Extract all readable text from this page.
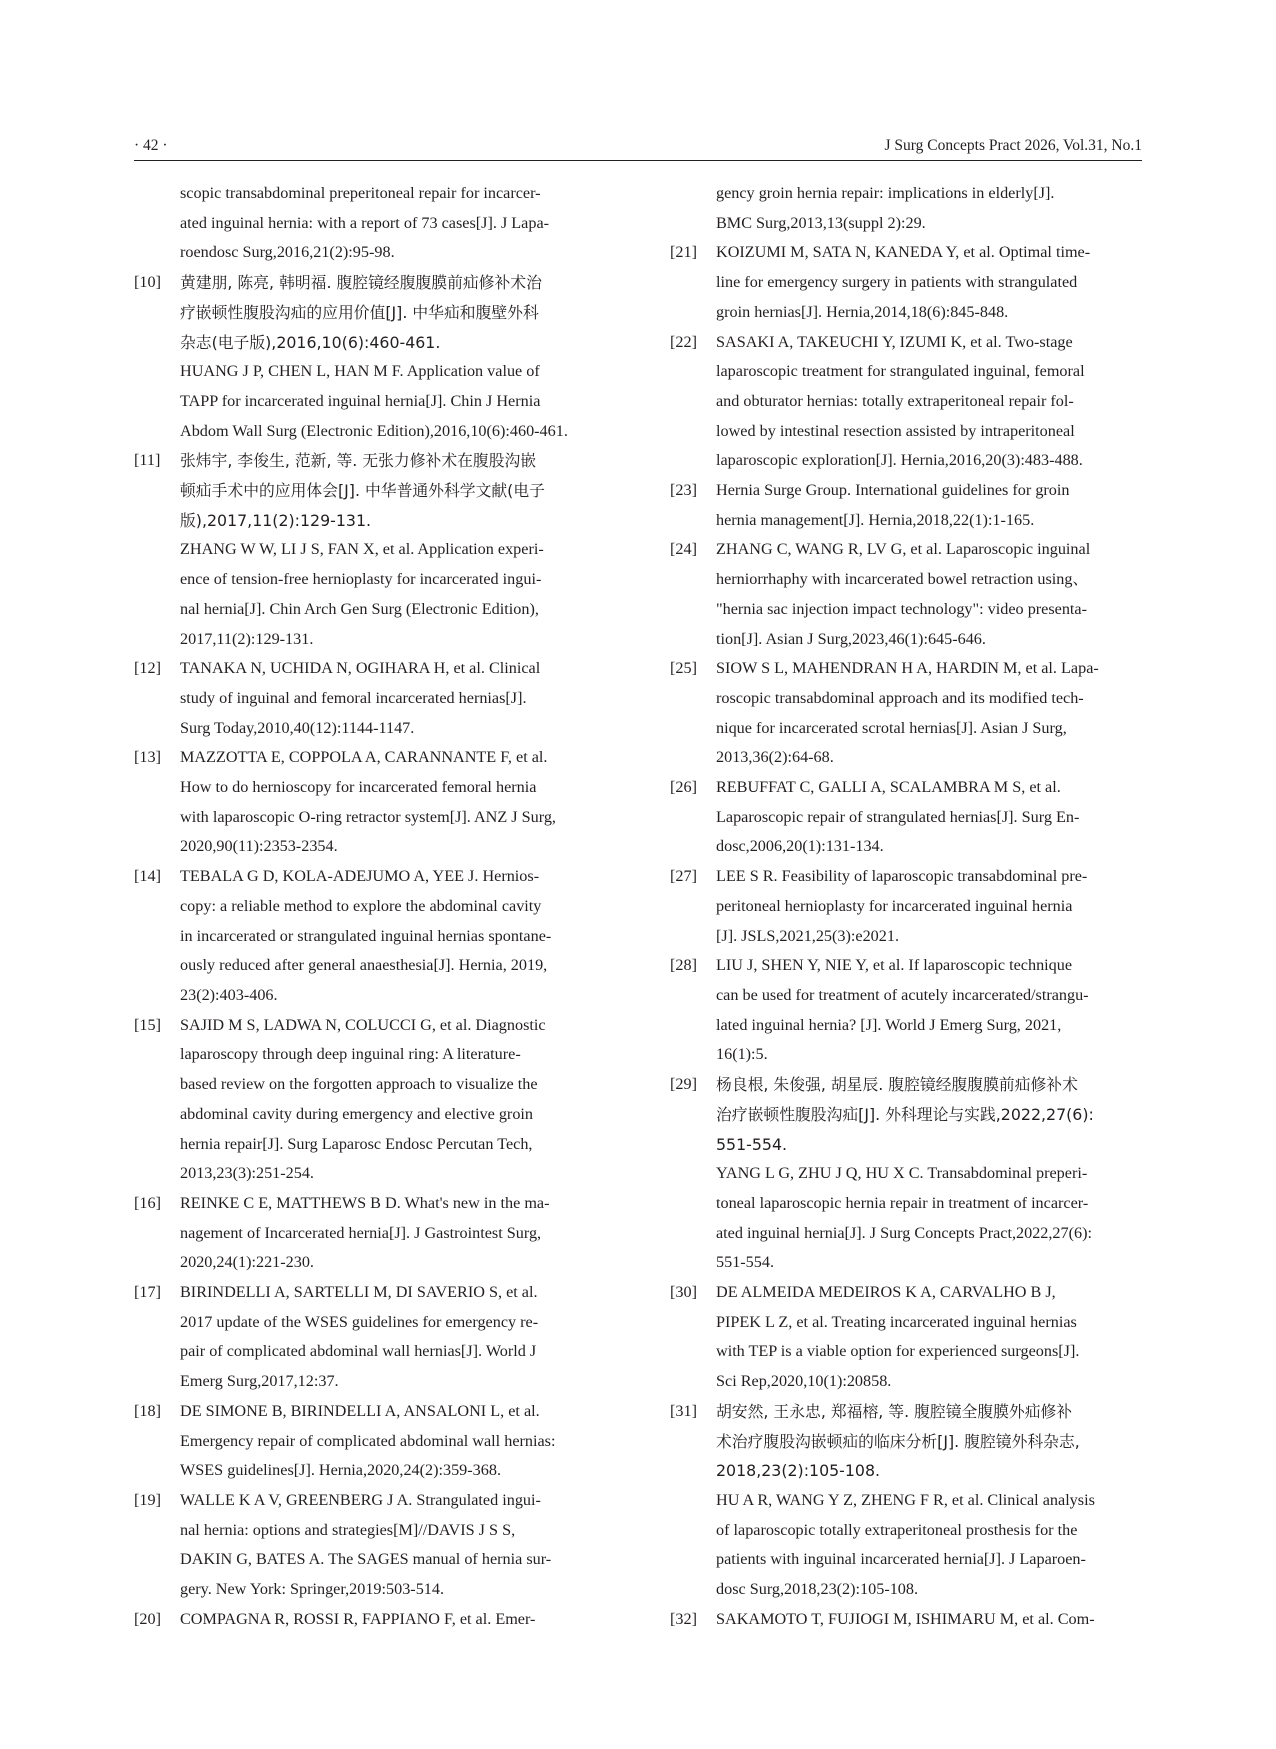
· 42 ·	J Surg Concepts Pract 2026, Vol.31, No.1
scopic transabdominal preperitoneal repair for incarcer-
ated inguinal hernia: with a report of 73 cases[J]. J Lapa-
roendosc Surg,2016,21(2):95-98.
[10] 黄建朋, 陈亮, 韩明福. 腹腔镜经腹腹膜前疝修补术治
疗嵌顿性腹股沟疝的应用价值[J]. 中华疝和腹壁外科
杂志(电子版),2016,10(6):460-461.
HUANG J P, CHEN L, HAN M F. Application value of
TAPP for incarcerated inguinal hernia[J]. Chin J Hernia
Abdom Wall Surg (Electronic Edition),2016,10(6):460-461.
[11] 张炜宇, 李俊生, 范新, 等. 无张力修补术在腹股沟嵌
顿疝手术中的应用体会[J]. 中华普通外科学文献(电子
版),2017,11(2):129-131.
ZHANG W W, LI J S, FAN X, et al. Application experi-
ence of tension-free hernioplasty for incarcerated ingui-
nal hernia[J]. Chin Arch Gen Surg (Electronic Edition),
2017,11(2):129-131.
[12] TANAKA N, UCHIDA N, OGIHARA H, et al. Clinical
study of inguinal and femoral incarcerated hernias[J].
Surg Today,2010,40(12):1144-1147.
[13] MAZZOTTA E, COPPOLA A, CARANNANTE F, et al.
How to do hernioscopy for incarcerated femoral hernia
with laparoscopic O-ring retractor system[J]. ANZ J Surg,
2020,90(11):2353-2354.
[14] TEBALA G D, KOLA-ADEJUMO A, YEE J. Hernios-
copy: a reliable method to explore the abdominal cavity
in incarcerated or strangulated inguinal hernias spontane-
ously reduced after general anaesthesia[J]. Hernia, 2019,
23(2):403-406.
[15] SAJID M S, LADWA N, COLUCCI G, et al. Diagnostic
laparoscopy through deep inguinal ring: A literature-
based review on the forgotten approach to visualize the
abdominal cavity during emergency and elective groin
hernia repair[J]. Surg Laparosc Endosc Percutan Tech,
2013,23(3):251-254.
[16] REINKE C E, MATTHEWS B D. What's new in the ma-
nagement of Incarcerated hernia[J]. J Gastrointest Surg,
2020,24(1):221-230.
[17] BIRINDELLI A, SARTELLI M, DI SAVERIO S, et al.
2017 update of the WSES guidelines for emergency re-
pair of complicated abdominal wall hernias[J]. World J
Emerg Surg,2017,12:37.
[18] DE SIMONE B, BIRINDELLI A, ANSALONI L, et al.
Emergency repair of complicated abdominal wall hernias:
WSES guidelines[J]. Hernia,2020,24(2):359-368.
[19] WALLE K A V, GREENBERG J A. Strangulated ingui-
nal hernia: options and strategies[M]//DAVIS J S S,
DAKIN G, BATES A. The SAGES manual of hernia sur-
gery. New York: Springer,2019:503-514.
[20] COMPAGNA R, ROSSI R, FAPPIANO F, et al. Emer-
gency groin hernia repair: implications in elderly[J].
BMC Surg,2013,13(suppl 2):29.
[21] KOIZUMI M, SATA N, KANEDA Y, et al. Optimal time-
line for emergency surgery in patients with strangulated
groin hernias[J]. Hernia,2014,18(6):845-848.
[22] SASAKI A, TAKEUCHI Y, IZUMI K, et al. Two-stage
laparoscopic treatment for strangulated inguinal, femoral
and obturator hernias: totally extraperitoneal repair fol-
lowed by intestinal resection assisted by intraperitoneal
laparoscopic exploration[J]. Hernia,2016,20(3):483-488.
[23] Hernia Surge Group. International guidelines for groin
hernia management[J]. Hernia,2018,22(1):1-165.
[24] ZHANG C, WANG R, LV G, et al. Laparoscopic inguinal
herniorrhaphy with incarcerated bowel retraction using、
"hernia sac injection impact technology": video presenta-
tion[J]. Asian J Surg,2023,46(1):645-646.
[25] SIOW S L, MAHENDRAN H A, HARDIN M, et al. Lapa-
roscopic transabdominal approach and its modified tech-
nique for incarcerated scrotal hernias[J]. Asian J Surg,
2013,36(2):64-68.
[26] REBUFFAT C, GALLI A, SCALAMBRA M S, et al.
Laparoscopic repair of strangulated hernias[J]. Surg En-
dosc,2006,20(1):131-134.
[27] LEE S R. Feasibility of laparoscopic transabdominal pre-
peritoneal hernioplasty for incarcerated inguinal hernia
[J]. JSLS,2021,25(3):e2021.
[28] LIU J, SHEN Y, NIE Y, et al. If laparoscopic technique
can be used for treatment of acutely incarcerated/strangu-
lated inguinal hernia? [J]. World J Emerg Surg, 2021,
16(1):5.
[29] 杨良根, 朱俊强, 胡星辰. 腹腔镜经腹腹膜前疝修补术
治疗嵌顿性腹股沟疝[J]. 外科理论与实践,2022,27(6):
551-554.
YANG L G, ZHU J Q, HU X C. Transabdominal preperi-
toneal laparoscopic hernia repair in treatment of incarcer-
ated inguinal hernia[J]. J Surg Concepts Pract,2022,27(6):
551-554.
[30] DE ALMEIDA MEDEIROS K A, CARVALHO B J,
PIPEK L Z, et al. Treating incarcerated inguinal hernias
with TEP is a viable option for experienced surgeons[J].
Sci Rep,2020,10(1):20858.
[31] 胡安然, 王永忠, 郑福榕, 等. 腹腔镜全腹膜外疝修补
术治疗腹股沟嵌顿疝的临床分析[J]. 腹腔镜外科杂志,
2018,23(2):105-108.
HU A R, WANG Y Z, ZHENG F R, et al. Clinical analysis
of laparoscopic totally extraperitoneal prosthesis for the
patients with inguinal incarcerated hernia[J]. J Laparoen-
dosc Surg,2018,23(2):105-108.
[32] SAKAMOTO T, FUJIOGI M, ISHIMARU M, et al. Com-
